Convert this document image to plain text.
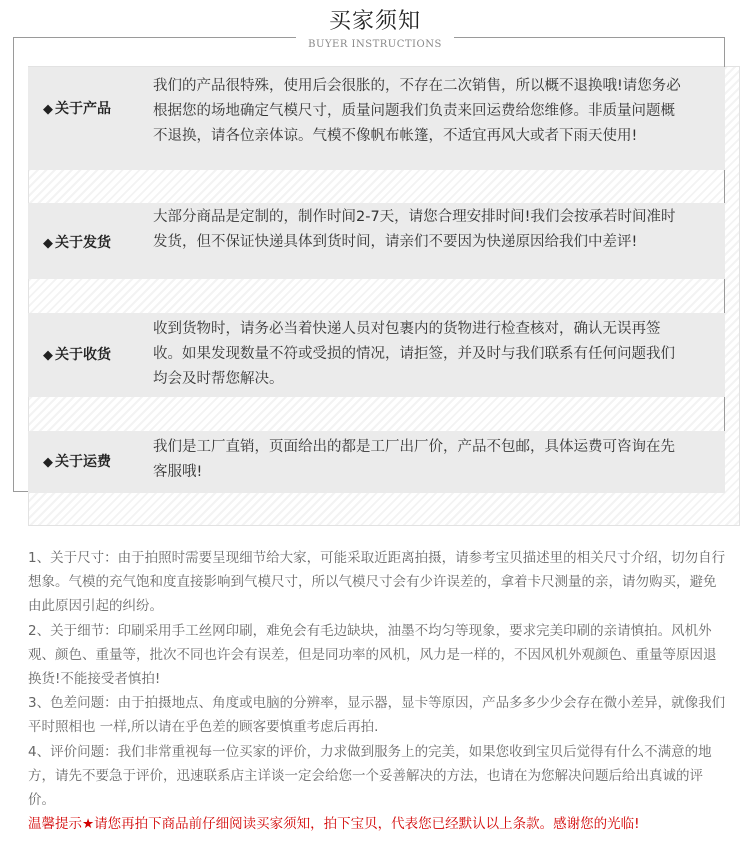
买家须知
BUYER INSTRUCTIONS
◆ 关于产品
我们的产品很特殊，使用后会很胀的，不存在二次销售，所以概不退换哦!请您务必根据您的场地确定气模尺寸，质量问题我们负责来回运费给您维修。非质量问题概不退换，请各位亲体谅。气模不像帆布帐篷，不适宜再风大或者下雨天使用!
◆ 关于发货
大部分商品是定制的，制作时间2-7天，请您合理安排时间!我们会按承若时间准时发货，但不保证快递具体到货时间，请亲们不要因为快递原因给我们中差评!
◆ 关于收货
收到货物时，请务必当着快递人员对包裹内的货物进行检查核对，确认无误再签收。如果发现数量不符或受损的情况，请拒签，并及时与我们联系有任何问题我们均会及时帮您解决。
◆ 关于运费
我们是工厂直销，页面给出的都是工厂出厂价，产品不包邮，具体运费可咨询在先客服哦!

1、关于尺寸：由于拍照时需要呈现细节给大家，可能采取近距离拍摄，请参考宝贝描述里的相关尺寸介绍，切勿自行想象。气模的充气饱和度直接影响到气模尺寸，所以气模尺寸会有少许误差的，拿着卡尺测量的亲，请勿购买，避免由此原因引起的纠纷。

2、关于细节：印刷采用手工丝网印刷，难免会有毛边缺块，油墨不均匀等现象，要求完美印刷的亲请慎拍。风机外观、颜色、重量等，批次不同也许会有误差，但是同功率的风机，风力是一样的，不因风机外观颜色、重量等原因退换货!不能接受者慎拍!

3、色差问题：由于拍摄地点、角度或电脑的分辨率，显示器，显卡等原因，产品多多少少会存在微小差异，就像我们平时照相也 一样,所以请在乎色差的顾客要慎重考虑后再拍.

4、评价问题：我们非常重视每一位买家的评价，力求做到服务上的完美，如果您收到宝贝后觉得有什么不满意的地方，请先不要急于评价，迅速联系店主详谈一定会给您一个妥善解决的方法，也请在为您解决问题后给出真诚的评价。

温馨提示★请您再拍下商品前仔细阅读买家须知，拍下宝贝，代表您已经默认以上条款。感谢您的光临!
